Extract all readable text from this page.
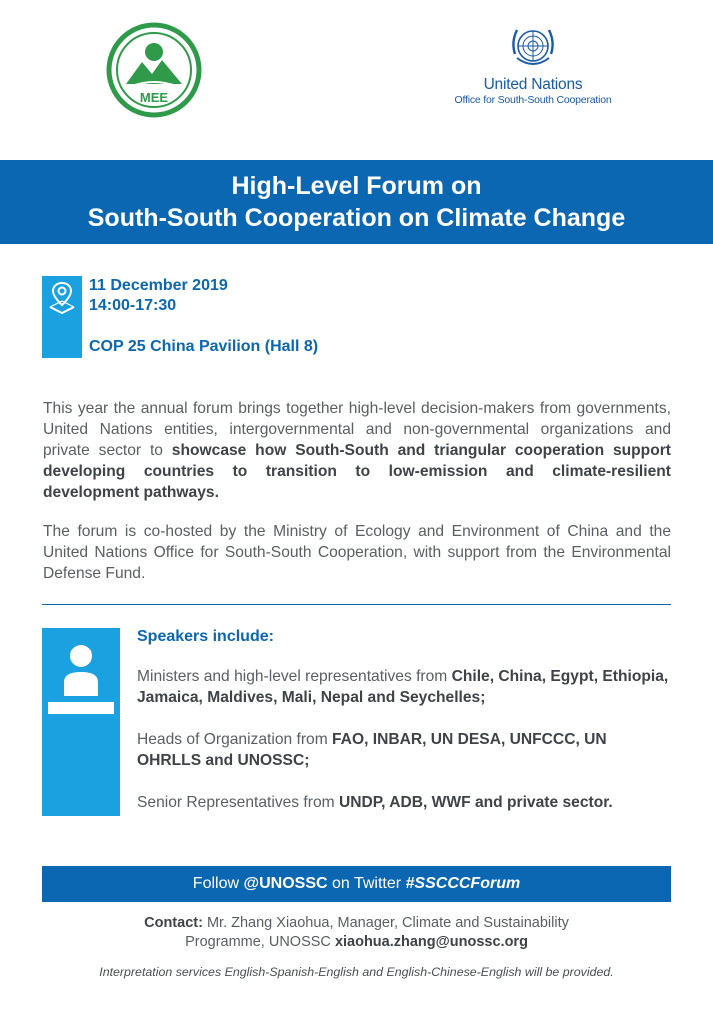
MEE
United Nations
Office for South-South Cooperation
High-Level Forum on
South-South Cooperation on Climate Change
11 December 2019
14:00-17:30
COP 25 China Pavilion (Hall 8)
This year the annual forum brings together high-level decision-makers from governments, United Nations entities, intergovernmental and non-governmental organizations and private sector to showcase how South-South and triangular cooperation support developing countries to transition to low-emission and climate-resilient development pathways.
The forum is co-hosted by the Ministry of Ecology and Environment of China and the United Nations Office for South-South Cooperation, with support from the Environmental Defense Fund.
Speakers include:
Ministers and high-level representatives from Chile, China, Egypt, Ethiopia, Jamaica, Maldives, Mali, Nepal and Seychelles;
Heads of Organization from FAO, INBAR, UN DESA, UNFCCC, UN OHRLLS and UNOSSC;
Senior Representatives from UNDP, ADB, WWF and private sector.
Follow @UNOSSC on Twitter #SSCCCForum
Contact: Mr. Zhang Xiaohua, Manager, Climate and Sustainability
Programme, UNOSSC xiaohua.zhang@unossc.org
Interpretation services English-Spanish-English and English-Chinese-English will be provided.
